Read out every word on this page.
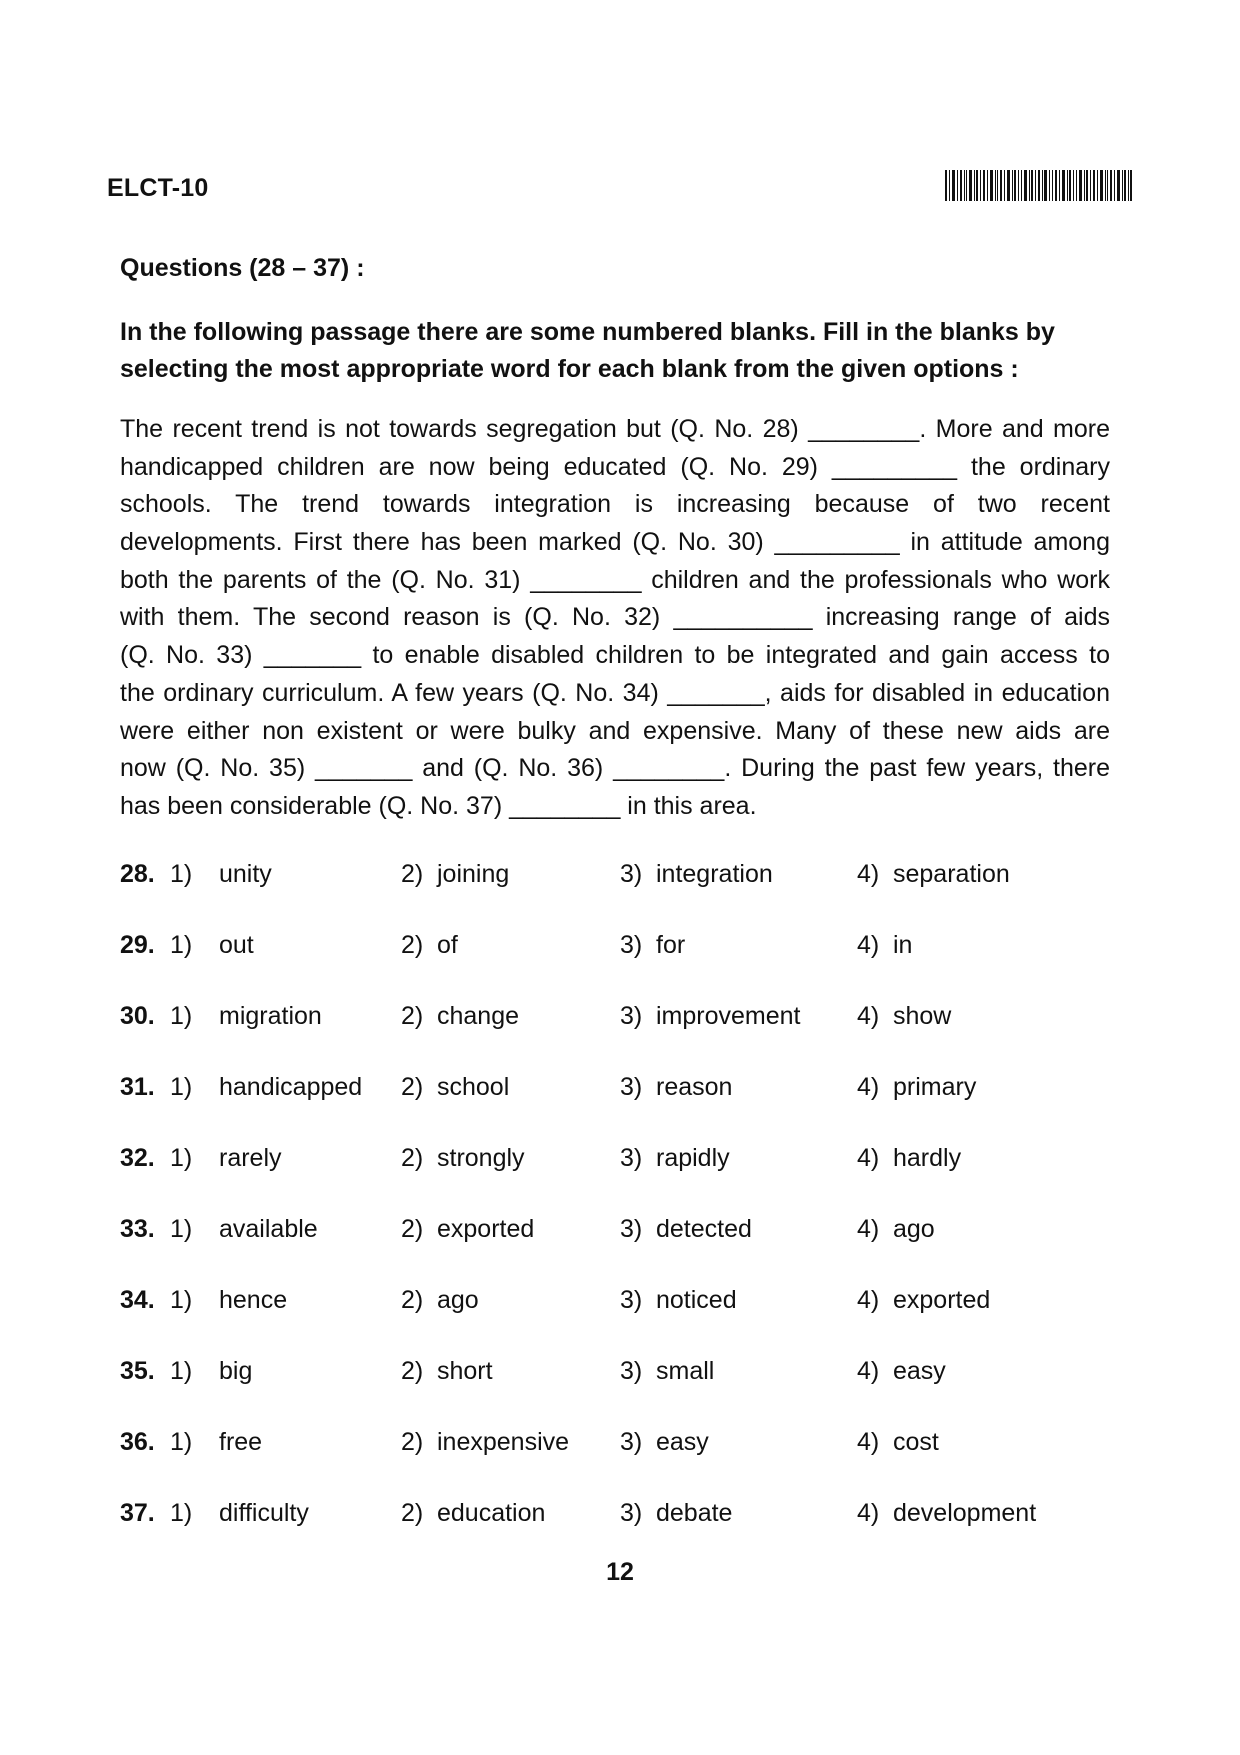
ELCT-10
Questions (28 – 37) :
In the following passage there are some numbered blanks. Fill in the blanks by
selecting the most appropriate word for each blank from the given options :
The recent trend is not towards segregation but (Q. No. 28) ________. More and more
handicapped children are now being educated (Q. No. 29) _________ the ordinary
schools. The trend towards integration is increasing because of two recent
developments. First there has been marked (Q. No. 30) _________ in attitude among
both the parents of the (Q. No. 31) ________ children and the professionals who work
with them. The second reason is (Q. No. 32) __________ increasing range of aids
(Q. No. 33) _______ to enable disabled children to be integrated and gain access to
the ordinary curriculum. A few years (Q. No. 34) _______, aids for disabled in education
were either non existent or were bulky and expensive. Many of these new aids are
now (Q. No. 35) _______ and (Q. No. 36) ________. During the past few years, there
has been considerable (Q. No. 37) ________ in this area.
28. 1) unity	2) joining	3) integration	4) separation
29. 1) out	2) of	3) for	4) in
30. 1) migration	2) change	3) improvement 4) show
31. 1) handicapped 2) school	3) reason	4) primary
32. 1) rarely	2) strongly	3) rapidly	4) hardly
33. 1) available	2) exported	3) detected	4) ago
34. 1) hence	2) ago	3) noticed	4) exported
35. 1) big	2) short	3) small	4) easy
36. 1) free	2) inexpensive 3) easy	4) cost
37. 1) difficulty	2) education	3) debate	4) development
12
